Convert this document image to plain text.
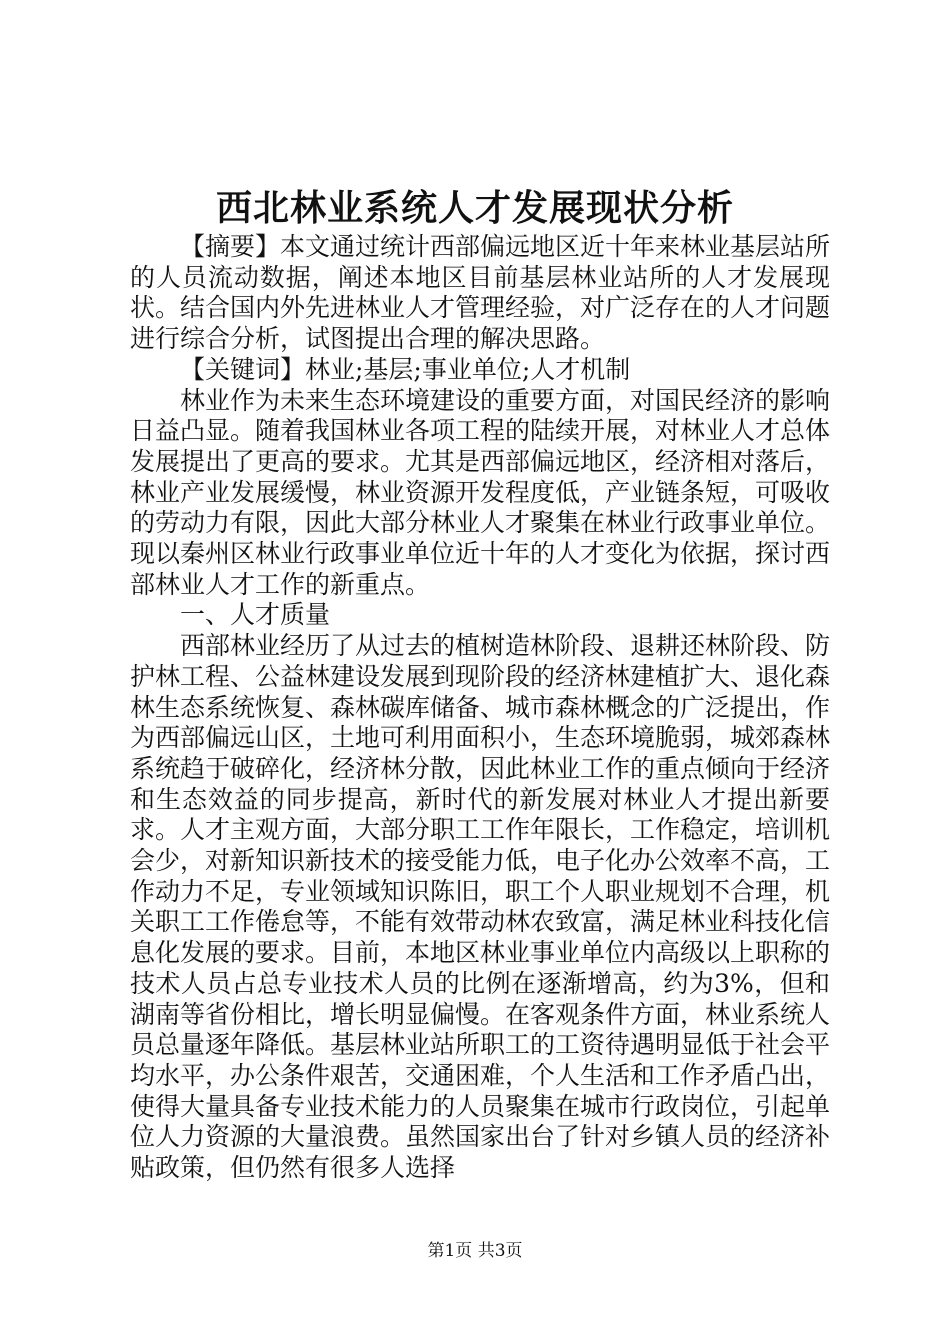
西北林业系统人才发展现状分析

【摘要】本文通过统计西部偏远地区近十年来林业基层站所的人员流动数据，阐述本地区目前基层林业站所的人才发展现状。结合国内外先进林业人才管理经验，对广泛存在的人才问题进行综合分析，试图提出合理的解决思路。

【关键词】林业;基层;事业单位;人才机制

林业作为未来生态环境建设的重要方面，对国民经济的影响日益凸显。随着我国林业各项工程的陆续开展，对林业人才总体发展提出了更高的要求。尤其是西部偏远地区，经济相对落后，林业产业发展缓慢，林业资源开发程度低，产业链条短，可吸收的劳动力有限，因此大部分林业人才聚集在林业行政事业单位。现以秦州区林业行政事业单位近十年的人才变化为依据，探讨西部林业人才工作的新重点。

一、人才质量

西部林业经历了从过去的植树造林阶段、退耕还林阶段、防护林工程、公益林建设发展到现阶段的经济林建植扩大、退化森林生态系统恢复、森林碳库储备、城市森林概念的广泛提出，作为西部偏远山区，土地可利用面积小，生态环境脆弱，城郊森林系统趋于破碎化，经济林分散，因此林业工作的重点倾向于经济和生态效益的同步提高，新时代的新发展对林业人才提出新要求。人才主观方面，大部分职工工作年限长，工作稳定，培训机会少，对新知识新技术的接受能力低，电子化办公效率不高，工作动力不足，专业领域知识陈旧，职工个人职业规划不合理，机关职工工作倦怠等，不能有效带动林农致富，满足林业科技化信息化发展的要求。目前，本地区林业事业单位内高级以上职称的技术人员占总专业技术人员的比例在逐渐增高，约为3%，但和湖南等省份相比，增长明显偏慢。在客观条件方面，林业系统人员总量逐年降低。基层林业站所职工的工资待遇明显低于社会平均水平，办公条件艰苦，交通困难，个人生活和工作矛盾凸出，使得大量具备专业技术能力的人员聚集在城市行政岗位，引起单位人力资源的大量浪费。虽然国家出台了针对乡镇人员的经济补贴政策，但仍然有很多人选择

第1页 共3页
